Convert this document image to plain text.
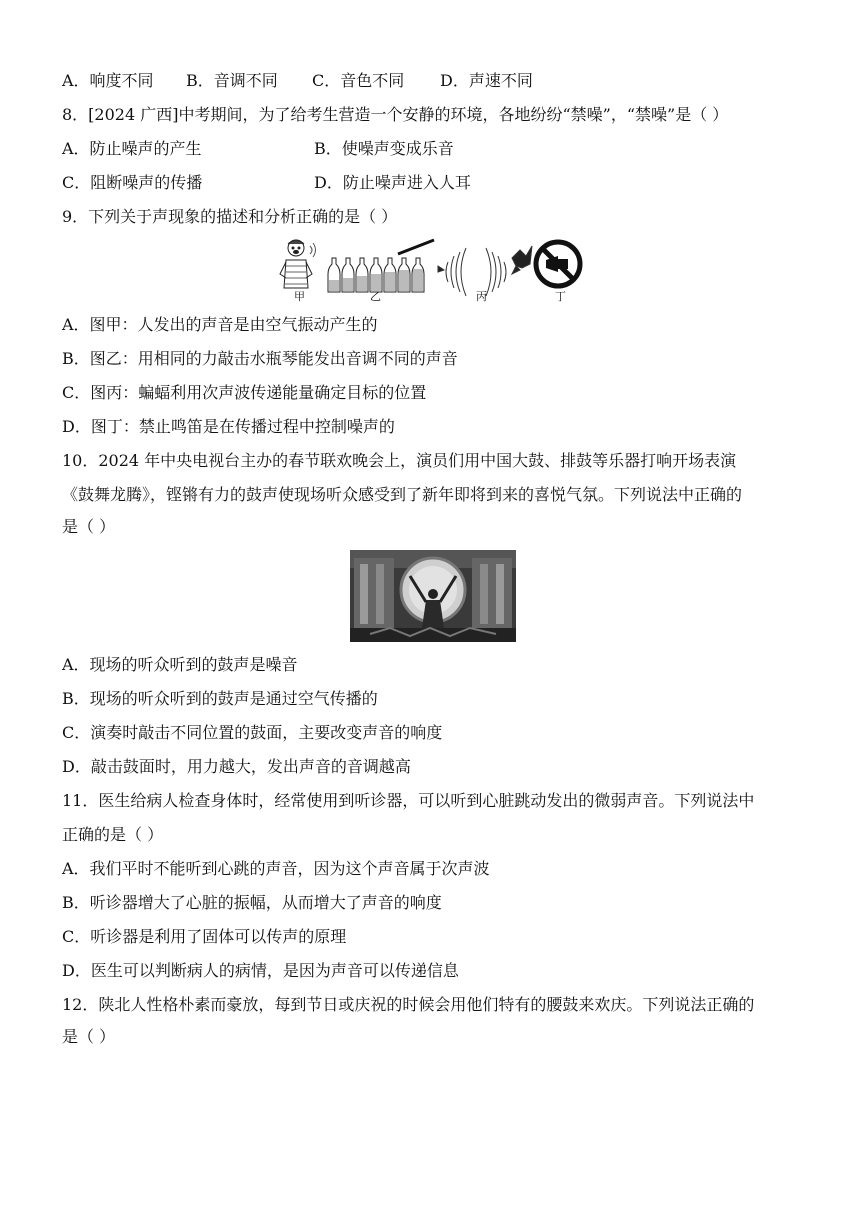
A．响度不同 B．音调不同 C．音色不同 D．声速不同
8．[2024 广西]中考期间，为了给考生营造一个安静的环境，各地纷纷“禁噪”，“禁噪”是（ ）
A．防止噪声的产生	B．使噪声变成乐音
C．阻断噪声的传播	D．防止噪声进入人耳
9．下列关于声现象的描述和分析正确的是（ ）
甲	乙	丙	丁
A．图甲：人发出的声音是由空气振动产生的
B．图乙：用相同的力敲击水瓶琴能发出音调不同的声音
C．图丙：蝙蝠利用次声波传递能量确定目标的位置
D．图丁：禁止鸣笛是在传播过程中控制噪声的
10．2024 年中央电视台主办的春节联欢晚会上，演员们用中国大鼓、排鼓等乐器打响开场表演
《鼓舞龙腾》，铿锵有力的鼓声使现场听众感受到了新年即将到来的喜悦气氛。下列说法中正确的
是（ ）
A．现场的听众听到的鼓声是噪音
B．现场的听众听到的鼓声是通过空气传播的
C．演奏时敲击不同位置的鼓面，主要改变声音的响度
D．敲击鼓面时，用力越大，发出声音的音调越高
11．医生给病人检查身体时，经常使用到听诊器，可以听到心脏跳动发出的微弱声音。下列说法中
正确的是（ ）
A．我们平时不能听到心跳的声音，因为这个声音属于次声波
B．听诊器增大了心脏的振幅，从而增大了声音的响度
C．听诊器是利用了固体可以传声的原理
D．医生可以判断病人的病情，是因为声音可以传递信息
12．陕北人性格朴素而豪放，每到节日或庆祝的时候会用他们特有的腰鼓来欢庆。下列说法正确的
是（ ）
